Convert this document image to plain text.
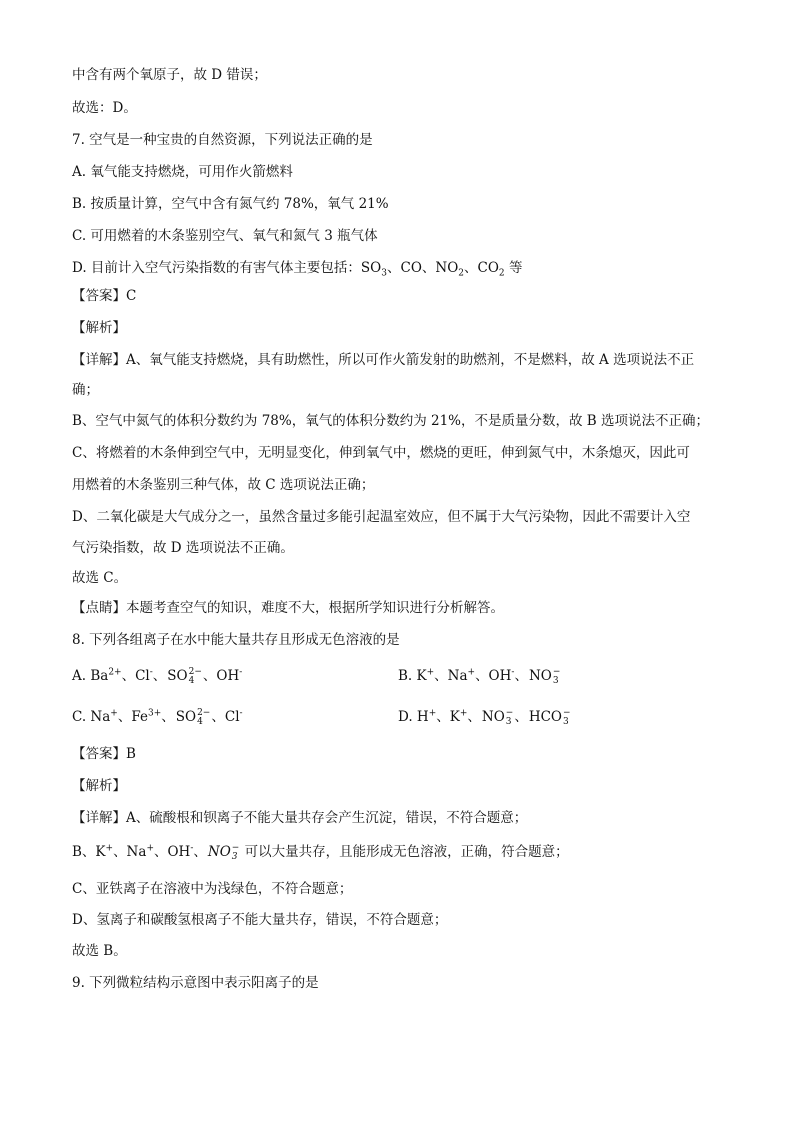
中含有两个氧原子，故 D 错误；
故选：D。
7. 空气是一种宝贵的自然资源，下列说法正确的是
A. 氧气能支持燃烧，可用作火箭燃料
B. 按质量计算，空气中含有氮气约 78%，氧气 21%
C. 可用燃着的木条鉴别空气、氧气和氮气 3 瓶气体
D. 目前计入空气污染指数的有害气体主要包括：$SO_3$、CO、$NO_2$、$CO_2$ 等
【答案】C
【解析】
【详解】A、氧气能支持燃烧，具有助燃性，所以可作火箭发射的助燃剂，不是燃料，故 A 选项说法不正
确；
B、空气中氮气的体积分数约为 78%，氧气的体积分数约为 21%，不是质量分数，故 B 选项说法不正确；
C、将燃着的木条伸到空气中，无明显变化，伸到氧气中，燃烧的更旺，伸到氮气中，木条熄灭，因此可
用燃着的木条鉴别三种气体，故 C 选项说法正确；
D、二氧化碳是大气成分之一，虽然含量过多能引起温室效应，但不属于大气污染物，因此不需要计入空
气污染指数，故 D 选项说法不正确。
故选 C。
【点睛】本题考查空气的知识，难度不大，根据所学知识进行分析解答。
8. 下列各组离子在水中能大量共存且形成无色溶液的是
A. $Ba^{2+}$、Cl-、SO 2−
4 、OH-	B. K+、Na+、OH-、NO −
3
C. Na+、$Fe^{3+}$、SO 2−
4 、Cl-	D. H+、K+、NO −
3 、HCO −
3
【答案】B
【解析】
【详解】A、硫酸根和钡离子不能大量共存会产生沉淀，错误，不符合题意；
B、K+、Na+、OH-、NO −
3 可以大量共存，且能形成无色溶液，正确，符合题意；
C、亚铁离子在溶液中为浅绿色，不符合题意；
D、氢离子和碳酸氢根离子不能大量共存，错误，不符合题意；
故选 B。
9. 下列微粒结构示意图中表示阳离子的是
